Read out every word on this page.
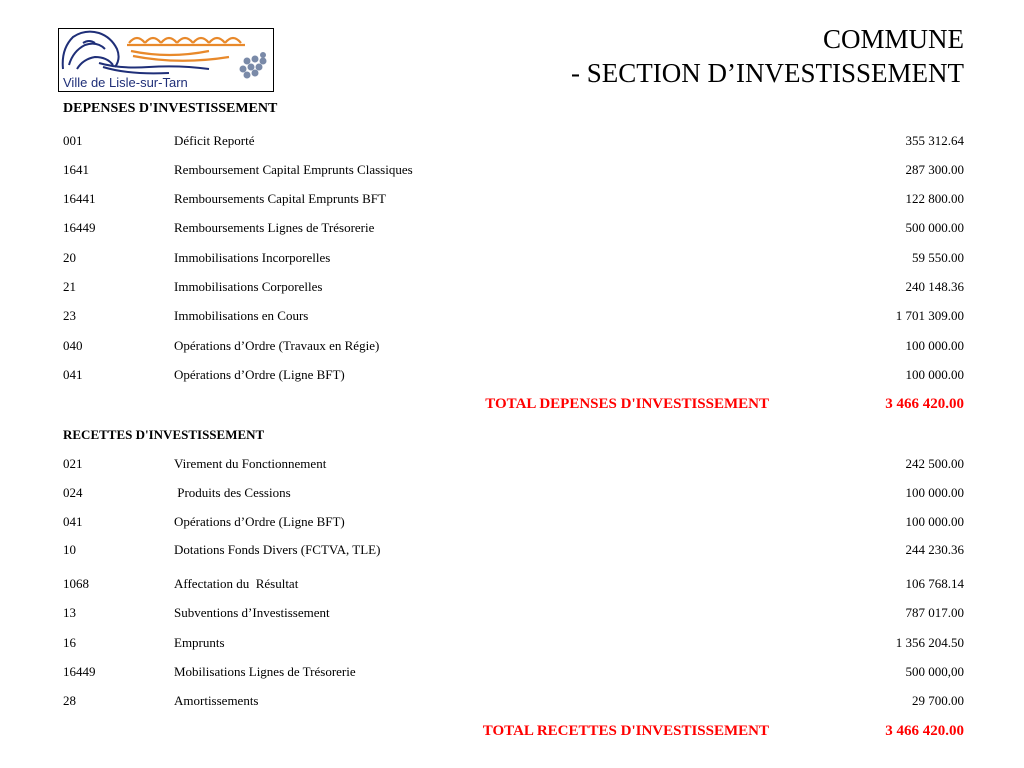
Ville de Lisle-sur-Tarn
COMMUNE
- SECTION D’INVESTISSEMENT
DEPENSES D'INVESTISSEMENT
001	Déficit Reporté	355 312.64
1641	Remboursement Capital Emprunts Classiques	287 300.00
16441	Remboursements Capital Emprunts BFT	122 800.00
16449	Remboursements Lignes de Trésorerie	500 000.00
20	Immobilisations Incorporelles	59 550.00
21	Immobilisations Corporelles	240 148.36
23	Immobilisations en Cours	1 701 309.00
040	Opérations d’Ordre (Travaux en Régie)	100 000.00
041	Opérations d’Ordre (Ligne BFT)	100 000.00
TOTAL DEPENSES D'INVESTISSEMENT	3 466 420.00
RECETTES D'INVESTISSEMENT
021	Virement du Fonctionnement	242 500.00
024	Produits des Cessions	100 000.00
041	Opérations d’Ordre (Ligne BFT)	100 000.00
10	Dotations Fonds Divers (FCTVA, TLE)	244 230.36
1068	Affectation du  Résultat	106 768.14
13	Subventions d’Investissement	787 017.00
16	Emprunts	1 356 204.50
16449	Mobilisations Lignes de Trésorerie	500 000,00
28	Amortissements	29 700.00
TOTAL RECETTES D'INVESTISSEMENT	3 466 420.00
